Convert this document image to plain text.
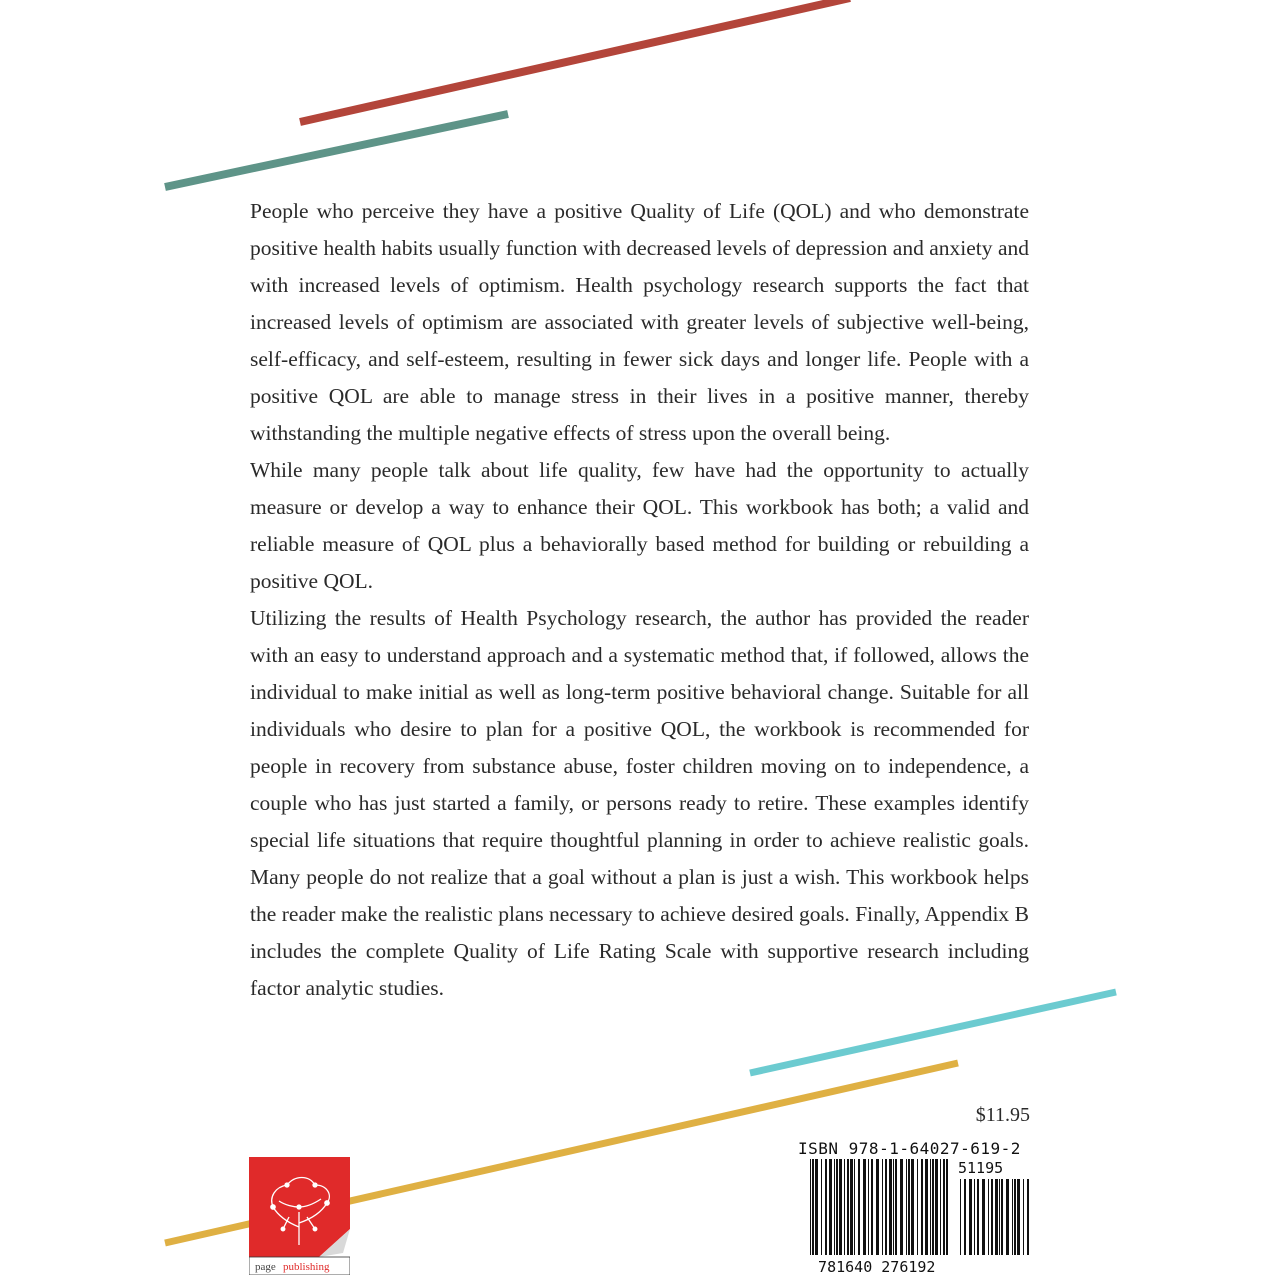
People who perceive they have a positive Quality of Life (QOL) and who demonstrate positive health habits usually function with decreased levels of depression and anxiety and with increased levels of optimism. Health psychology research supports the fact that increased levels of optimism are associated with greater levels of subjective well-being, self-efficacy, and self-esteem, resulting in fewer sick days and longer life. People with a positive QOL are able to manage stress in their lives in a positive manner, thereby withstanding the multiple negative effects of stress upon the overall being.

While many people talk about life quality, few have had the opportunity to actually measure or develop a way to enhance their QOL. This workbook has both; a valid and reliable measure of QOL plus a behaviorally based method for building or rebuilding a positive QOL.

Utilizing the results of Health Psychology research, the author has provided the reader with an easy to understand approach and a systematic method that, if followed, allows the individual to make initial as well as long-term positive behavioral change. Suitable for all individuals who desire to plan for a positive QOL, the workbook is recommended for people in recovery from substance abuse, foster children moving on to independence, a couple who has just started a family, or persons ready to retire. These examples identify special life situations that require thoughtful planning in order to achieve realistic goals. Many people do not realize that a goal without a plan is just a wish. This workbook helps the reader make the realistic plans necessary to achieve desired goals. Finally, Appendix B includes the complete Quality of Life Rating Scale with supportive research including factor analytic studies.

$11.95
ISBN 978-1-64027-619-2
page publishing
51195
9 781640 276192
